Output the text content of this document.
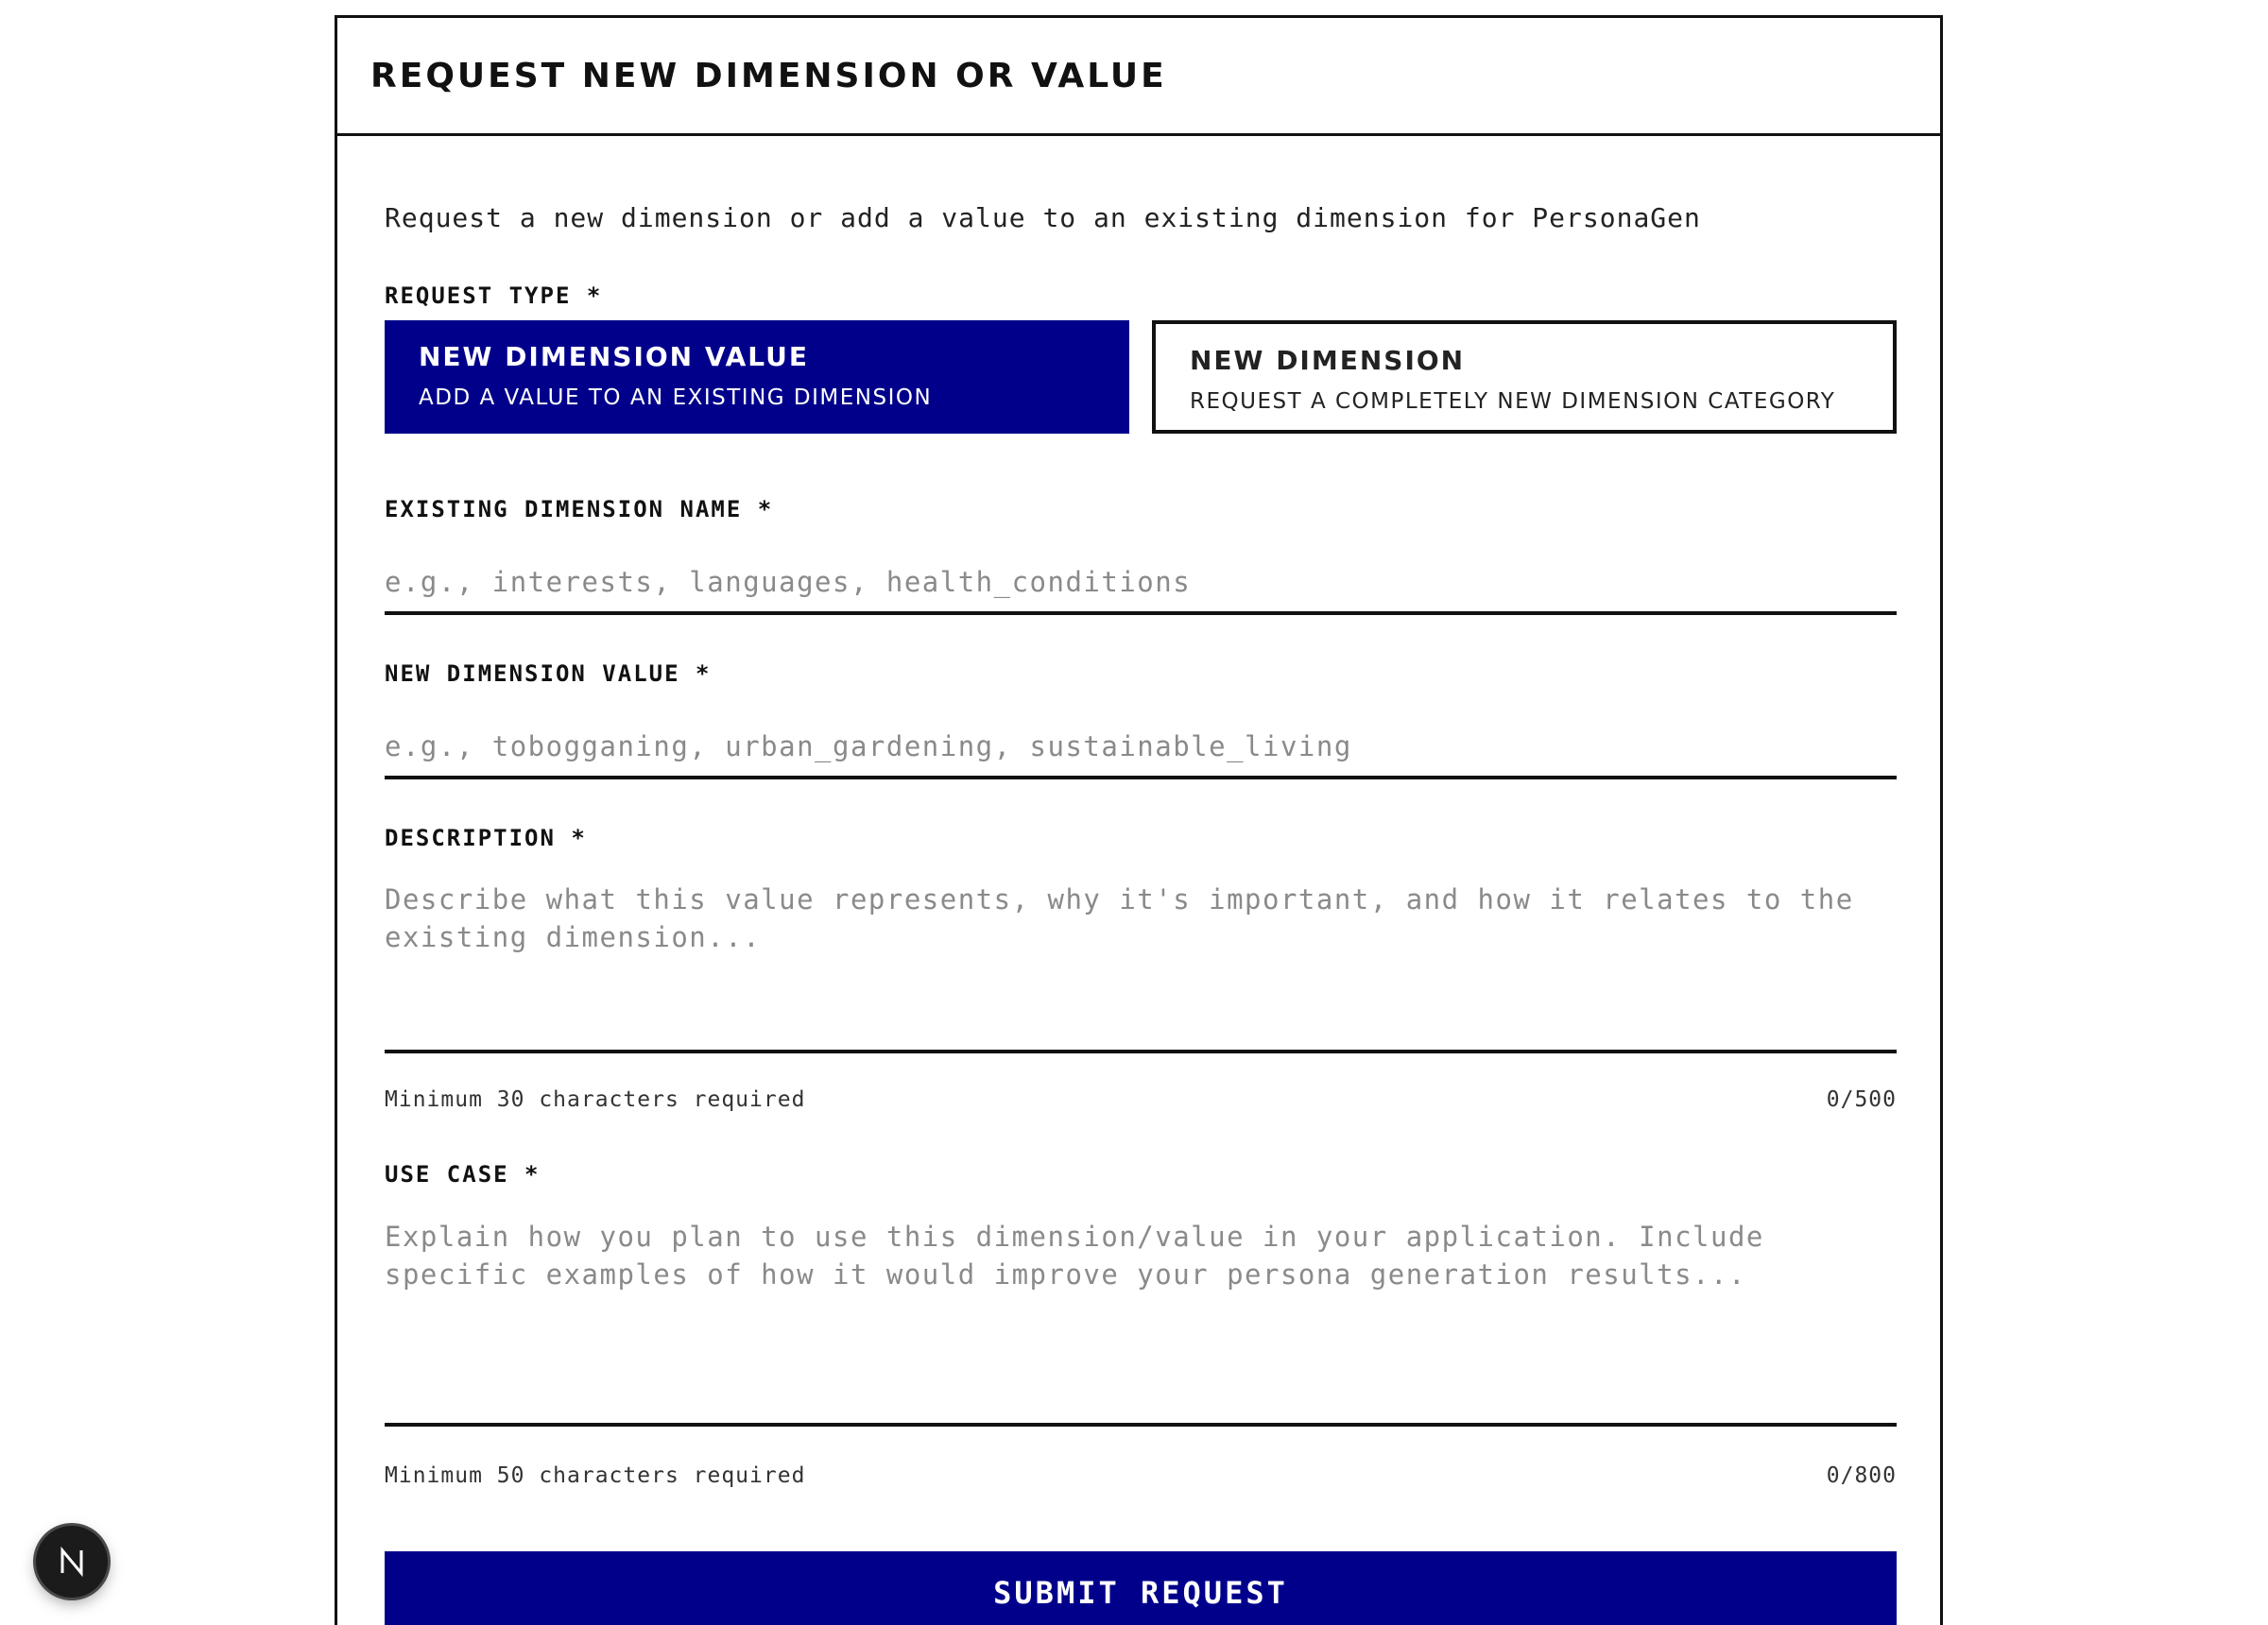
REQUEST NEW DIMENSION OR VALUE
Request a new dimension or add a value to an existing dimension for PersonaGen
REQUEST TYPE *
NEW DIMENSION VALUE
ADD A VALUE TO AN EXISTING DIMENSION
NEW DIMENSION
REQUEST A COMPLETELY NEW DIMENSION CATEGORY
EXISTING DIMENSION NAME *
e.g., interests, languages, health_conditions
NEW DIMENSION VALUE *
e.g., tobogganing, urban_gardening, sustainable_living
DESCRIPTION *
Describe what this value represents, why it's important, and how it relates to the existing dimension...
Minimum 30 characters required	0/500
USE CASE *
Explain how you plan to use this dimension/value in your application. Include specific examples of how it would improve your persona generation results...
Minimum 50 characters required	0/800
SUBMIT REQUEST
